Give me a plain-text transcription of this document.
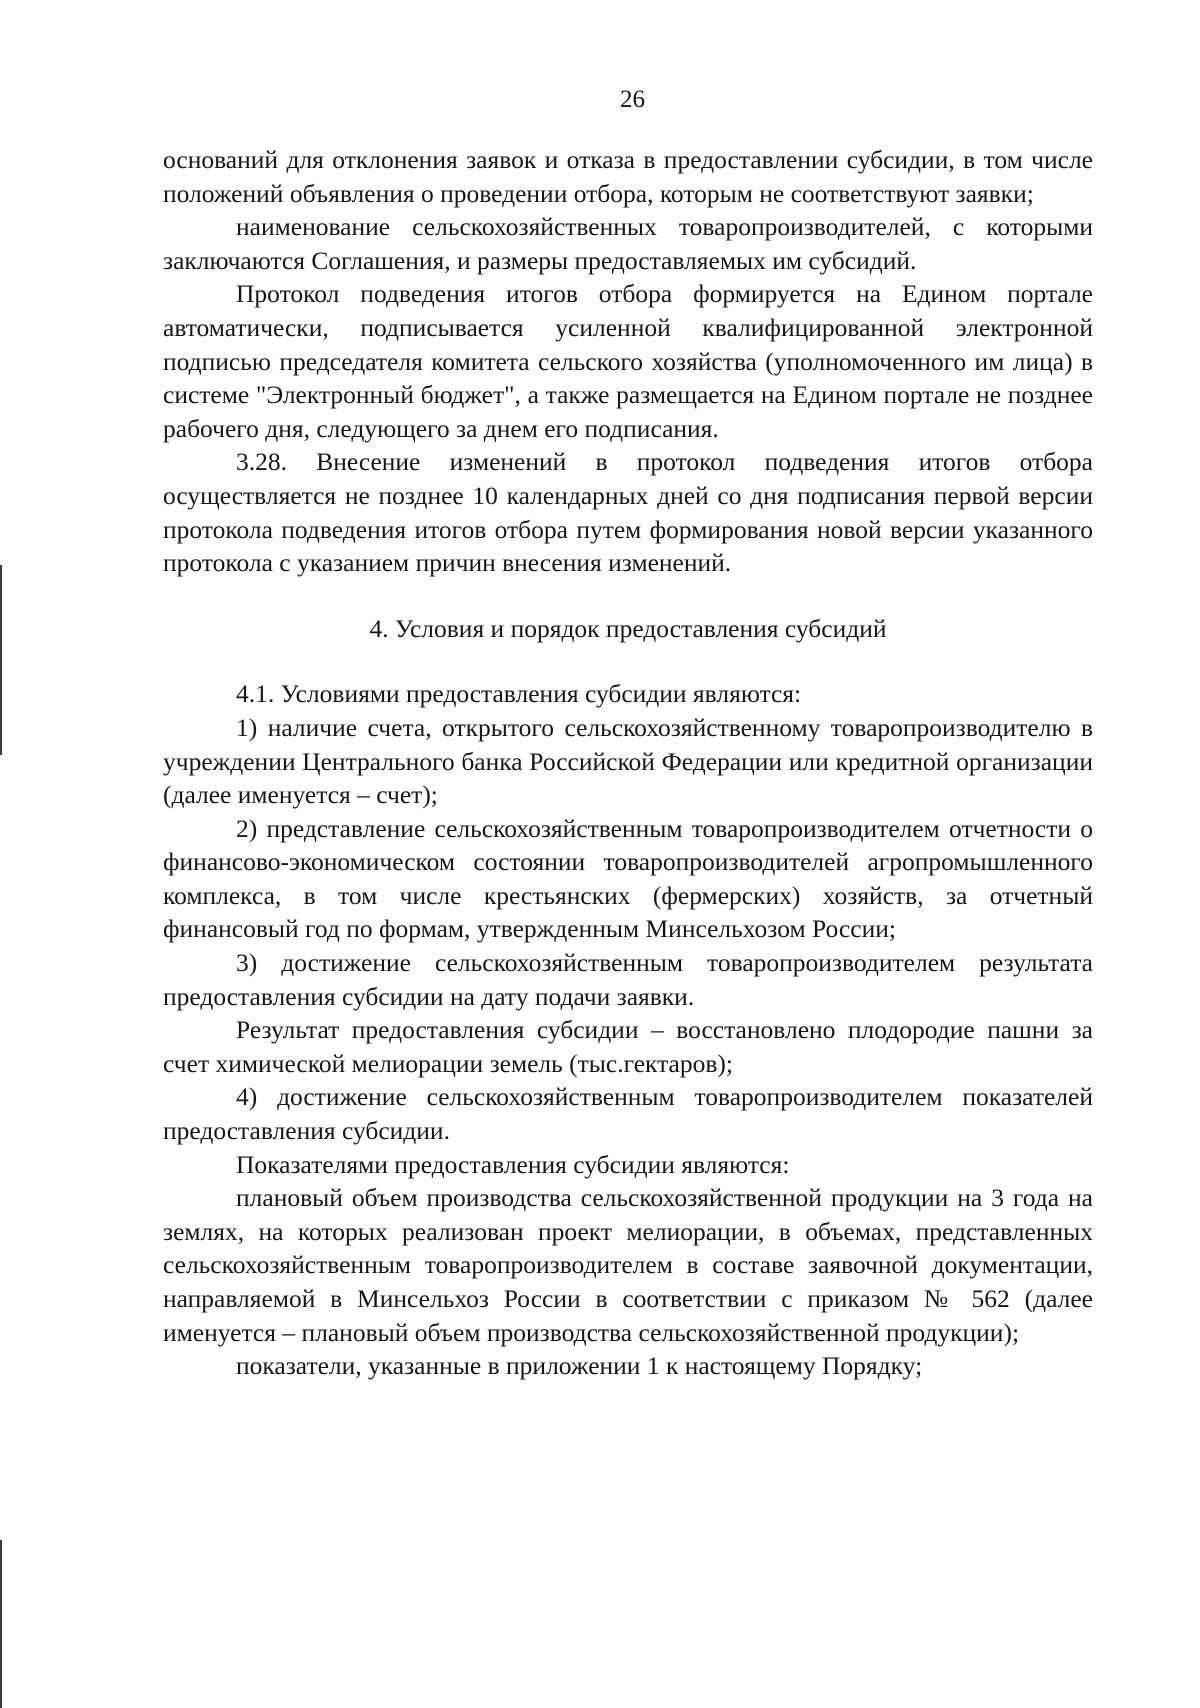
26

оснований для отклонения заявок и отказа в предоставлении субсидии, в том числе положений объявления о проведении отбора, которым не соответствуют заявки;

наименование сельскохозяйственных товаропроизводителей, с которыми заключаются Соглашения, и размеры предоставляемых им субсидий.

Протокол подведения итогов отбора формируется на Едином портале автоматически, подписывается усиленной квалифицированной электронной подписью председателя комитета сельского хозяйства (уполномоченного им лица) в системе "Электронный бюджет", а также размещается на Едином портале не позднее рабочего дня, следующего за днем его подписания.

3.28. Внесение изменений в протокол подведения итогов отбора осуществляется не позднее 10 календарных дней со дня подписания первой версии протокола подведения итогов отбора путем формирования новой версии указанного протокола с указанием причин внесения изменений.

4. Условия и порядок предоставления субсидий

4.1. Условиями предоставления субсидии являются:

1) наличие счета, открытого сельскохозяйственному товаропроизводителю в учреждении Центрального банка Российской Федерации или кредитной организации (далее именуется – счет);

2) представление сельскохозяйственным товаропроизводителем отчетности о финансово-экономическом состоянии товаропроизводителей агропромышленного комплекса, в том числе крестьянских (фермерских) хозяйств, за отчетный финансовый год по формам, утвержденным Минсельхозом России;

3) достижение сельскохозяйственным товаропроизводителем результата предоставления субсидии на дату подачи заявки.

Результат предоставления субсидии – восстановлено плодородие пашни за счет химической мелиорации земель (тыс.гектаров);

4) достижение сельскохозяйственным товаропроизводителем показателей предоставления субсидии.

Показателями предоставления субсидии являются:

плановый объем производства сельскохозяйственной продукции на 3 года на землях, на которых реализован проект мелиорации, в объемах, представленных сельскохозяйственным товаропроизводителем в составе заявочной документации, направляемой в Минсельхоз России в соответствии с приказом № 562 (далее именуется – плановый объем производства сельскохозяйственной продукции);

показатели, указанные в приложении 1 к настоящему Порядку;
